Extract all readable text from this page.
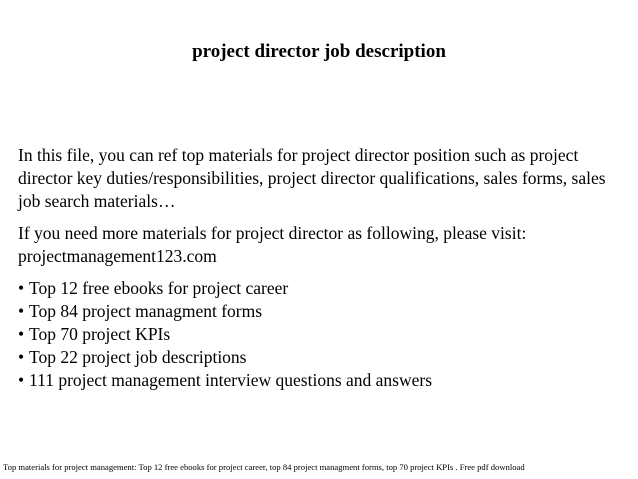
project director job description

In this file, you can ref top materials for project director position such as project director key duties/responsibilities, project director qualifications, sales forms, sales job search materials…

If you need more materials for project director as following, please visit: projectmanagement123.com

• Top 12 free ebooks for project career
• Top 84 project managment forms
• Top 70 project KPIs
• Top 22 project job descriptions
• 111 project management interview questions and answers
Top materials for project management: Top 12 free ebooks for project career, top 84 project managment forms, top 70 project KPIs . Free pdf download
